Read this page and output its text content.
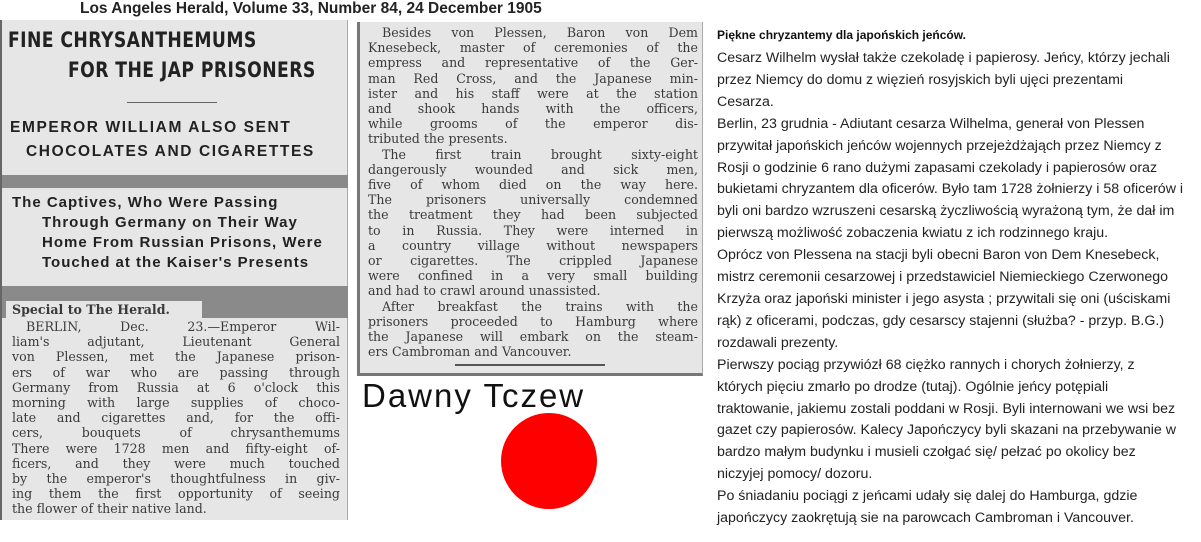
Los Angeles Herald, Volume 33, Number 84, 24 December 1905
FINE CHRYSANTHEMUMS
FOR THE JAP PRISONERS
EMPEROR WILLIAM ALSO SENT
CHOCOLATES AND CIGARETTES
The Captives, Who Were Passing
Through Germany on Their Way
Home From Russian Prisons, Were
Touched at the Kaiser's Presents
Special to The Herald.
BERLIN, Dec. 23.—Emperor Wil-
liam's adjutant, Lieutenant General
von Plessen, met the Japanese prison-
ers of war who are passing through
Germany from Russia at 6 o'clock this
morning with large supplies of choco-
late and cigarettes and, for the offi-
cers, bouquets of chrysanthemums
There were 1728 men and fifty-eight of-
ficers, and they were much touched
by the emperor's thoughtfulness in giv-
ing them the first opportunity of seeing
the flower of their native land.
Besides von Plessen, Baron von Dem
Knesebeck, master of ceremonies of the
empress and representative of the Ger-
man Red Cross, and the Japanese min-
ister and his staff were at the station
and shook hands with the officers,
while grooms of the emperor dis-
tributed the presents.
The first train brought sixty-eight
dangerously wounded and sick men,
five of whom died on the way here.
The prisoners universally condemned
the treatment they had been subjected
to in Russia. They were interned in
a country village without newspapers
or cigarettes. The crippled Japanese
were confined in a very small building
and had to crawl around unassisted.
After breakfast the trains with the
prisoners proceeded to Hamburg where
the Japanese will embark on the steam-
ers Cambroman and Vancouver.
Piękne chryzantemy dla japońskich jeńców.
Cesarz Wilhelm wysłał także czekoladę i papierosy. Jeńcy, którzy jechali
przez Niemcy do domu z więzień rosyjskich byli ujęci prezentami
Cesarza.
Berlin, 23 grudnia - Adiutant cesarza Wilhelma, generał von Plessen
przywitał japońskich jeńców wojennych przejeżdżająch przez Niemcy z
Rosji o godzinie 6 rano dużymi zapasami czekolady i papierosów oraz
bukietami chryzantem dla oficerów. Było tam 1728 żołnierzy i 58 oficerów i
byli oni bardzo wzruszeni cesarską życzliwością wyrażoną tym, że dał im
pierwszą możliwość zobaczenia kwiatu z ich rodzinnego kraju.
Oprócz von Plessena na stacji byli obecni Baron von Dem Knesebeck,
mistrz ceremonii cesarzowej i przedstawiciel Niemieckiego Czerwonego
Krzyża oraz japoński minister i jego asysta ; przywitali się oni (uściskami
rąk) z oficerami, podczas, gdy cesarscy stajenni (służba? - przyp. B.G.)
rozdawali prezenty.
Pierwszy pociąg przywiózł 68 ciężko rannych i chorych żołnierzy, z
których pięciu zmarło po drodze (tutaj). Ogólnie jeńcy potępiali
traktowanie, jakiemu zostali poddani w Rosji. Byli internowani we wsi bez
gazet czy papierosów. Kalecy Japończycy byli skazani na przebywanie w
bardzo małym budynku i musieli czołgać się/ pełzać po okolicy bez
niczyjej pomocy/ dozoru.
Po śniadaniu pociągi z jeńcami udały się dalej do Hamburga, gdzie
japończycy zaokrętują sie na parowcach Cambroman i Vancouver.
Dawny Tczew
